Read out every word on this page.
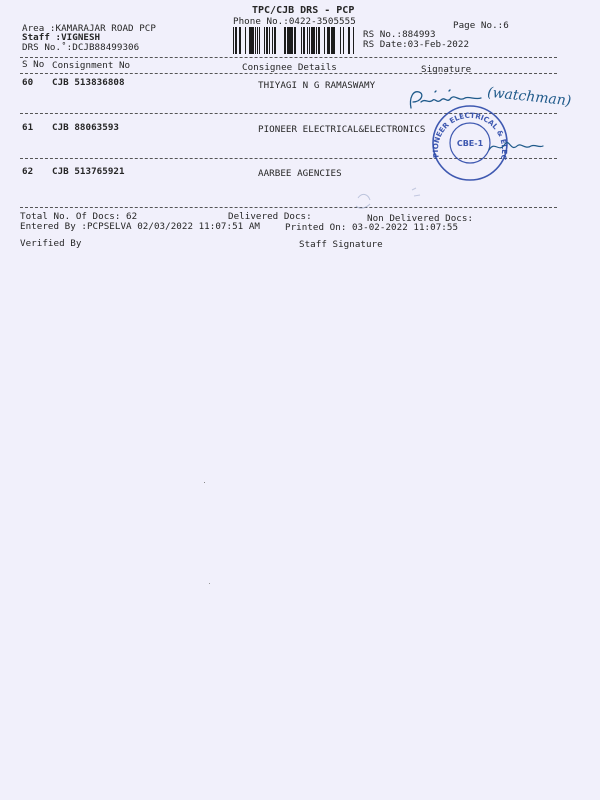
TPC/CJB DRS - PCP
Phone No.:0422-3505555	Page No.:6
Area :KAMARAJAR ROAD PCP
Staff :VIGNESH
DRS No.˚:DCJB88499306
RS No.:884993
RS Date:03-Feb-2022
S No Consignment No	Consignee Details	Signature
60 CJB 513836808	THIYAGI N G RAMASWAMY
61 CJB 88063593	PIONEER ELECTRICAL&ELECTRONICS
62 CJB 513765921	AARBEE AGENCIES
(watchman)
PIONEER ELECTRICAL & ELECTRONICS
CBE-1
Total No. Of Docs: 62	Delivered Docs:	Non Delivered Docs:
Entered By :PCPSELVA 02/03/2022 11:07:51 AM	Printed On: 03-02-2022 11:07:55
Verified By	Staff Signature
